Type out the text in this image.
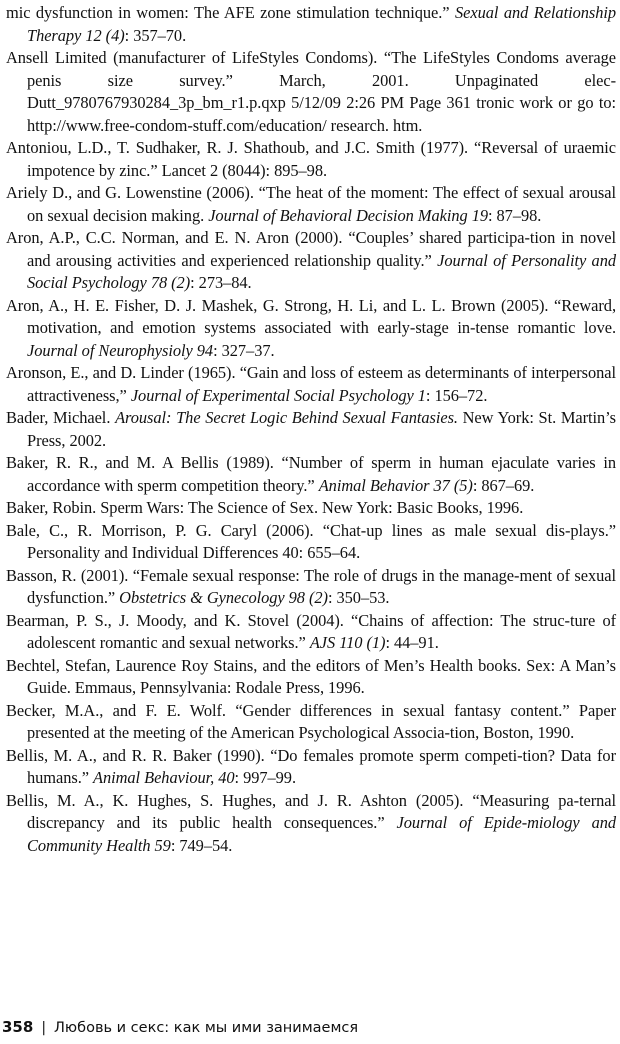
mic dysfunction in women: The AFE zone stimulation technique.” Sexual and Relationship Therapy 12 (4): 357–70.
Ansell Limited (manufacturer of LifeStyles Condoms). “The LifeStyles Condoms average penis size survey.” March, 2001. Unpaginated elec-Dutt_9780767930284_3p_bm_r1.p.qxp 5/12/09 2:26 PM Page 361 tronic work or go to: http://www.free-condom-stuff.com/education/ research. htm.
Antoniou, L.D., T. Sudhaker, R. J. Shathoub, and J.C. Smith (1977). “Reversal of uraemic impotence by zinc.” Lancet 2 (8044): 895–98.
Ariely D., and G. Lowenstine (2006). “The heat of the moment: The effect of sexual arousal on sexual decision making. Journal of Behavioral Decision Making 19: 87–98.
Aron, A.P., C.C. Norman, and E. N. Aron (2000). “Couples’ shared participa-tion in novel and arousing activities and experienced relationship quality.” Journal of Personality and Social Psychology 78 (2): 273–84.
Aron, A., H. E. Fisher, D. J. Mashek, G. Strong, H. Li, and L. L. Brown (2005). “Reward, motivation, and emotion systems associated with early-stage in-tense romantic love. Journal of Neurophysioly 94: 327–37.
Aronson, E., and D. Linder (1965). “Gain and loss of esteem as determinants of interpersonal attractiveness,” Journal of Experimental Social Psychology 1: 156–72.
Bader, Michael. Arousal: The Secret Logic Behind Sexual Fantasies. New York: St. Martin’s Press, 2002.
Baker, R. R., and M. A Bellis (1989). “Number of sperm in human ejaculate varies in accordance with sperm competition theory.” Animal Behavior 37 (5): 867–69.
Baker, Robin. Sperm Wars: The Science of Sex. New York: Basic Books, 1996.
Bale, C., R. Morrison, P. G. Caryl (2006). “Chat-up lines as male sexual dis-plays.” Personality and Individual Differences 40: 655–64.
Basson, R. (2001). “Female sexual response: The role of drugs in the manage-ment of sexual dysfunction.” Obstetrics & Gynecology 98 (2): 350–53.
Bearman, P. S., J. Moody, and K. Stovel (2004). “Chains of affection: The struc-ture of adolescent romantic and sexual networks.” AJS 110 (1): 44–91.
Bechtel, Stefan, Laurence Roy Stains, and the editors of Men’s Health books. Sex: A Man’s Guide. Emmaus, Pennsylvania: Rodale Press, 1996.
Becker, M.A., and F. E. Wolf. “Gender differences in sexual fantasy content.” Paper presented at the meeting of the American Psychological Associa-tion, Boston, 1990.
Bellis, M. A., and R. R. Baker (1990). “Do females promote sperm competi-tion? Data for humans.” Animal Behaviour, 40: 997–99.
Bellis, M. A., K. Hughes, S. Hughes, and J. R. Ashton (2005). “Measuring pa-ternal discrepancy and its public health consequences.” Journal of Epide-miology and Community Health 59: 749–54.
358 | Любовь и секс: как мы ими занимаемся
